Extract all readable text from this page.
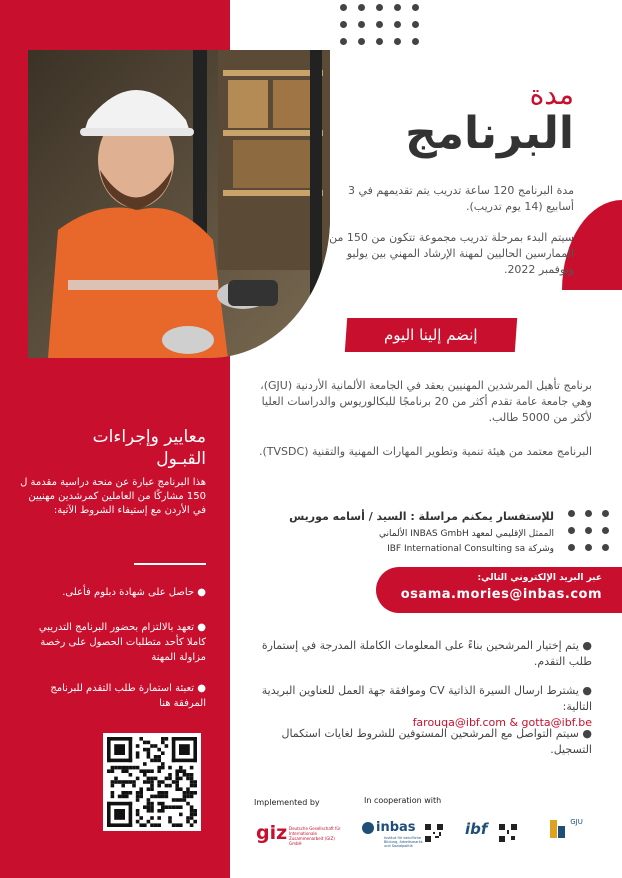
مدة
البرنامج
مدة البرنامج 120 ساعة تدريب يتم تقديمهم في 3 أسابيع (14 يوم تدريب).
سيتم البدء بمرحلة تدريب مجموعة تتكون من 150 من الممارسين الحاليين لمهنة الإرشاد المهني بين يوليو ونوفمبر 2022.
إنضم إلينا اليوم
برنامج تأهيل المرشدين المهنيين يعقد في الجامعة الألمانية الأردنية (GJU)، وهي جامعة عامة تقدم أكثر من 20 برنامجًا للبكالوريوس والدراسات العليا لأكثر من 5000 طالب.
البرنامج معتمد من هيئة تنمية وتطوير المهارات المهنية والتقنية (TVSDC).
معايير وإجراءات القبـول
هذا البرنامج عبارة عن منحة دراسية مقدمة ل 150 مشاركًا من العاملين كمرشدين مهنيين في الأردن مع إستيفاء الشروط الآتية:
● حاصل على شهادة دبلوم فأعلى.
● تعهد بالالتزام بحضور البرنامج التدريبي كاملا كأحد متطلبات الحصول على رخصة مزاولة المهنة
● تعبئة استمارة طلب التقدم للبرنامج المرفقة هنا
للإستفسار يمكنم مراسلة : السيد / أسامه موريس
الممثل الإقليمي لمعهد INBAS GmbH الألماني
وشركة IBF International Consulting sa
عبر البريد الإلكتروني التالي:
osama.mories@inbas.com
● يتم إختيار المرشحين بناءً على المعلومات الكاملة المدرجة في إستمارة طلب التقدم.
● يشترط ارسال السيرة الذاتية CV وموافقة جهة العمل للعناوين البريدية التالية:
farouqa@ibf.com & gotta@ibf.be
● سيتم التواصل مع المرشحين المستوفين للشروط لغايات استكمال التسجيل.
Implemented by	In cooperation with
giz Deutsche Gesellschaft für Internationale Zusammenarbeit (GIZ) GmbH
inbas
Institut für berufliche Bildung, Arbeitsmarkt- und Sozialpolitik
ibf	GJU
